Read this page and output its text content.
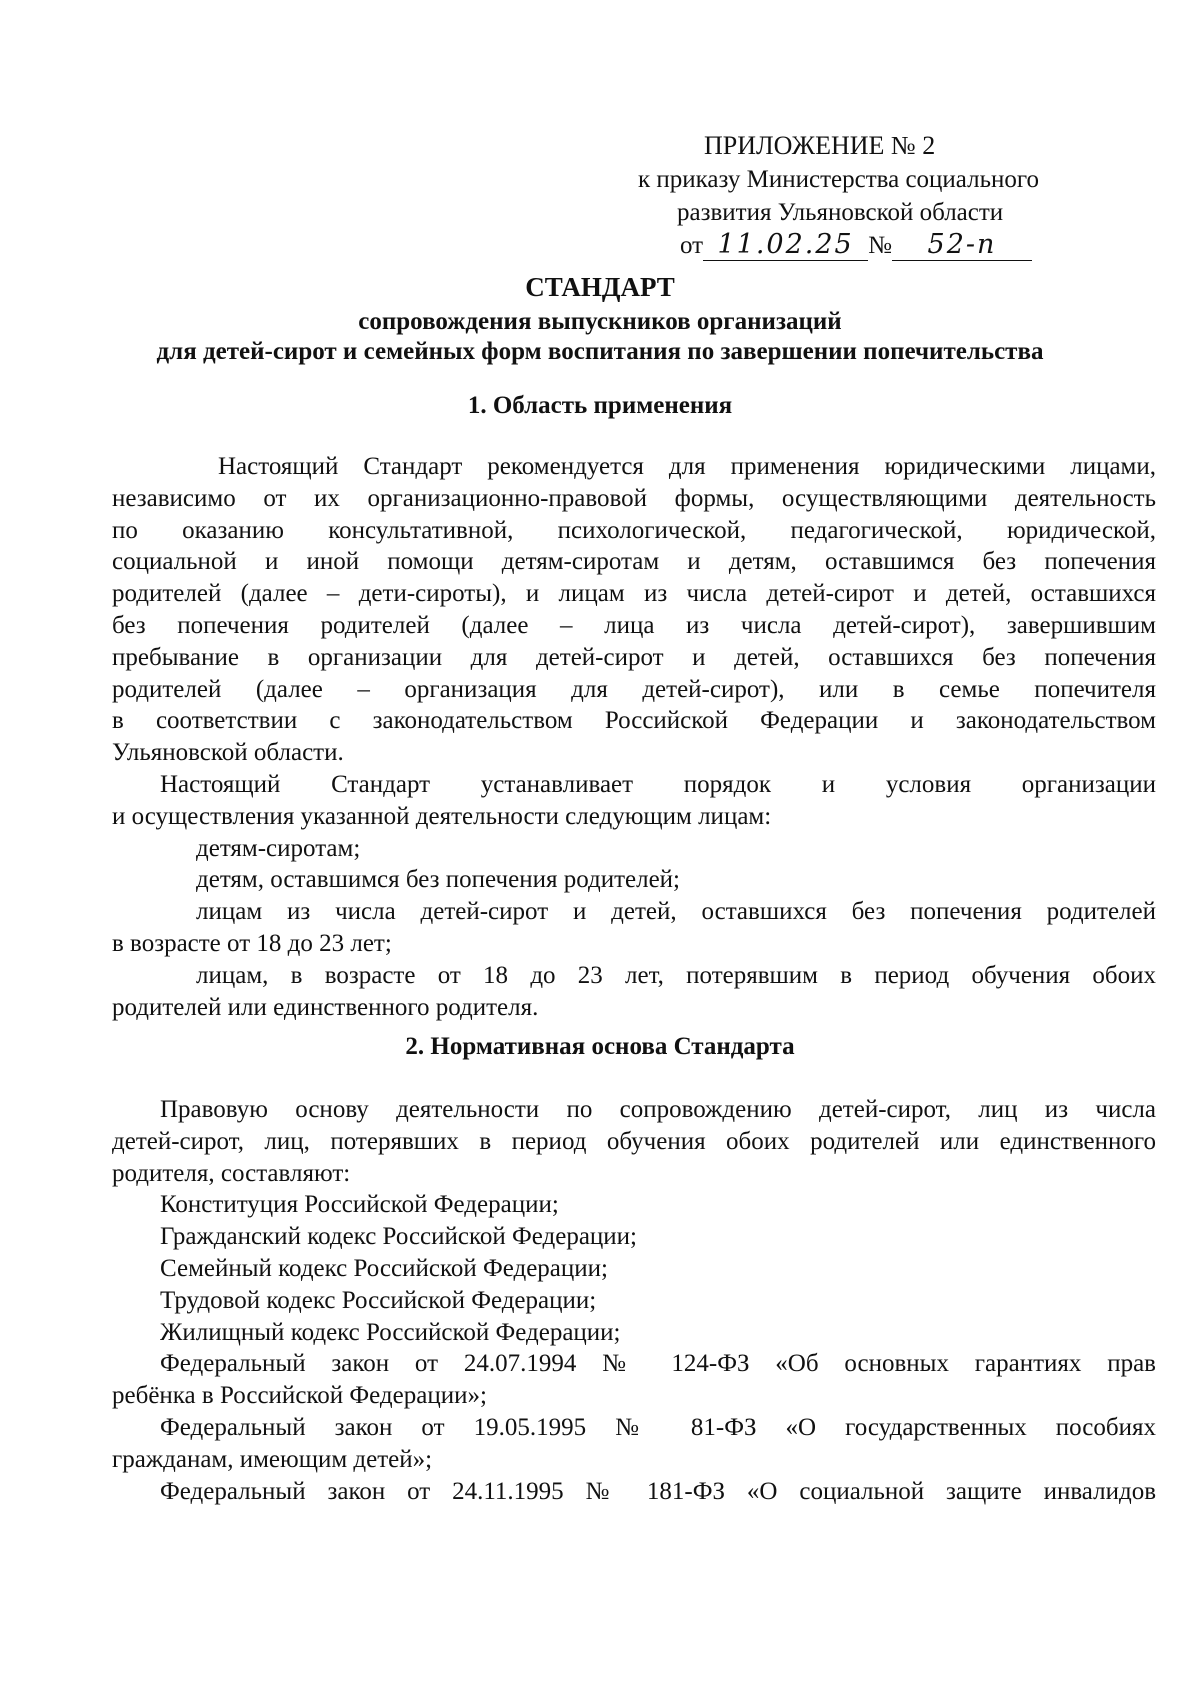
ПРИЛОЖЕНИЕ № 2
к приказу Министерства социального
развития Ульяновской области
от 11.02.25 № 52-п
СТАНДАРТ
сопровождения выпускников организаций
для детей-сирот и семейных форм воспитания по завершении попечительства
1. Область применения
Настоящий Стандарт рекомендуется для применения юридическими лицами,
независимо от их организационно-правовой формы, осуществляющими деятельность
по оказанию консультативной, психологической, педагогической, юридической,
социальной и иной помощи детям-сиротам и детям, оставшимся без попечения
родителей (далее – дети-сироты), и лицам из числа детей-сирот и детей, оставшихся
без попечения родителей (далее – лица из числа детей-сирот), завершившим
пребывание в организации для детей-сирот и детей, оставшихся без попечения
родителей (далее – организация для детей-сирот), или в семье попечителя
в соответствии с законодательством Российской Федерации и законодательством
Ульяновской области.
Настоящий Стандарт устанавливает порядок и условия организации
и осуществления указанной деятельности следующим лицам:
детям-сиротам;
детям, оставшимся без попечения родителей;
лицам из числа детей-сирот и детей, оставшихся без попечения родителей
в возрасте от 18 до 23 лет;
лицам, в возрасте от 18 до 23 лет, потерявшим в период обучения обоих
родителей или единственного родителя.
2. Нормативная основа Стандарта
Правовую основу деятельности по сопровождению детей-сирот, лиц из числа
детей-сирот, лиц, потерявших в период обучения обоих родителей или единственного
родителя, составляют:
Конституция Российской Федерации;
Гражданский кодекс Российской Федерации;
Семейный кодекс Российской Федерации;
Трудовой кодекс Российской Федерации;
Жилищный кодекс Российской Федерации;
Федеральный закон от 24.07.1994 № 124-ФЗ «Об основных гарантиях прав
ребёнка в Российской Федерации»;
Федеральный закон от 19.05.1995 № 81-ФЗ «О государственных пособиях
гражданам, имеющим детей»;
Федеральный закон от 24.11.1995 № 181-ФЗ «О социальной защите инвалидов
